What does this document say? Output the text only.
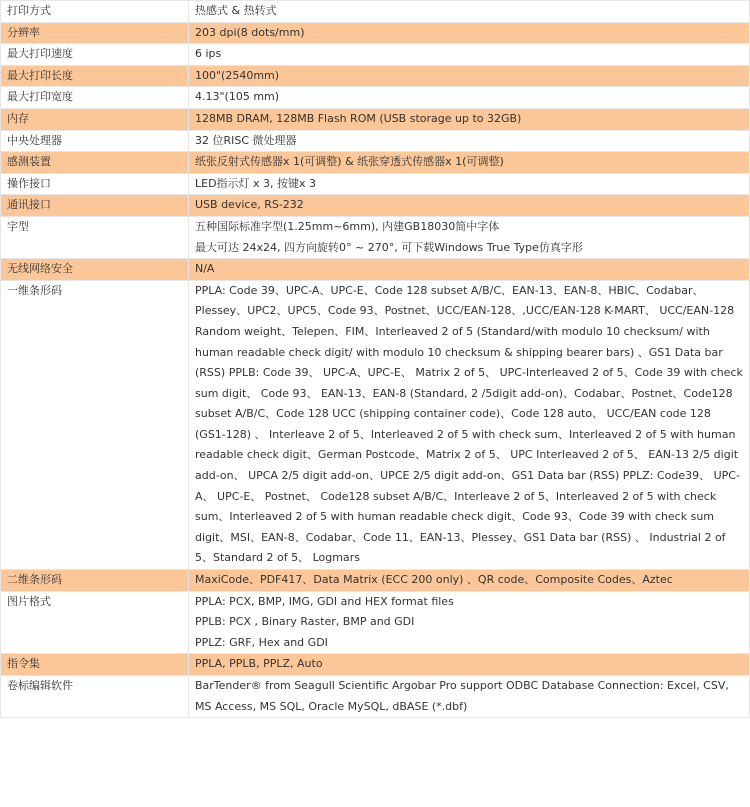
打印方式	热感式 & 热转式

分辨率	203 dpi(8 dots/mm)

最大打印速度	6 ips

最大打印长度	100"(2540mm)

最大打印宽度	4.13"(105 mm)

内存	128MB DRAM, 128MB Flash ROM (USB storage up to 32GB)

中央处理器	32 位RISC 微处理器

感测装置	纸张反射式传感器x 1(可调整) & 纸张穿透式传感器x 1(可调整)

操作接口	LED指示灯 x 3, 按键x 3

通讯接口	USB device, RS-232

字型	五种国际标准字型(1.25mm~6mm), 内建GB18030简中字体
最大可达 24x24, 四方向旋转0° ~ 270°, 可下载Windows True Type仿真字形

无线网络安全	N/A

一维条形码	PPLA: Code 39、UPC-A、UPC-E、Code 128 subset A/B/C、EAN-13、EAN-8、HBIC、Codabar、Plessey、UPC2、UPC5、Code 93、Postnet、UCC/EAN-128、,UCC/EAN-128 K-MART、 UCC/EAN-128 Random weight、Telepen、FIM、Interleaved 2 of 5 (Standard/with modulo 10 checksum/ with human readable check digit/ with modulo 10 checksum & shipping bearer bars) 、GS1 Data bar (RSS) PPLB: Code 39、 UPC-A、UPC-E、 Matrix 2 of 5、 UPC-Interleaved 2 of 5、Code 39 with check sum digit、 Code 93、 EAN-13、EAN-8 (Standard, 2 /5digit add-on)、Codabar、Postnet、Code128 subset A/B/C、Code 128 UCC (shipping container code)、Code 128 auto、 UCC/EAN code 128 (GS1-128) 、 Interleave 2 of 5、Interleaved 2 of 5 with check sum、Interleaved 2 of 5 with human readable check digit、German Postcode、Matrix 2 of 5、 UPC Interleaved 2 of 5、 EAN-13 2/5 digit add-on、 UPCA 2/5 digit add-on、UPCE 2/5 digit add-on、GS1 Data bar (RSS) PPLZ: Code39、 UPC-A、 UPC-E、 Postnet、 Code128 subset A/B/C、Interleave 2 of 5、Interleaved 2 of 5 with check sum、Interleaved 2 of 5 with human readable check digit、Code 93、Code 39 with check sum digit、MSI、EAN-8、Codabar、Code 11、EAN-13、Plessey、GS1 Data bar (RSS) 、 Industrial 2 of 5、Standard 2 of 5、 Logmars

二维条形码	MaxiCode、PDF417、Data Matrix (ECC 200 only) 、QR code、Composite Codes、Aztec

图片格式	PPLA: PCX, BMP, IMG, GDI and HEX format files
PPLB: PCX , Binary Raster, BMP and GDI
PPLZ: GRF, Hex and GDI

指令集	PPLA, PPLB, PPLZ, Auto

卷标编辑软件	BarTender® from Seagull Scientific Argobar Pro support ODBC Database Connection: Excel, CSV, MS Access, MS SQL, Oracle MySQL, dBASE (*.dbf)
